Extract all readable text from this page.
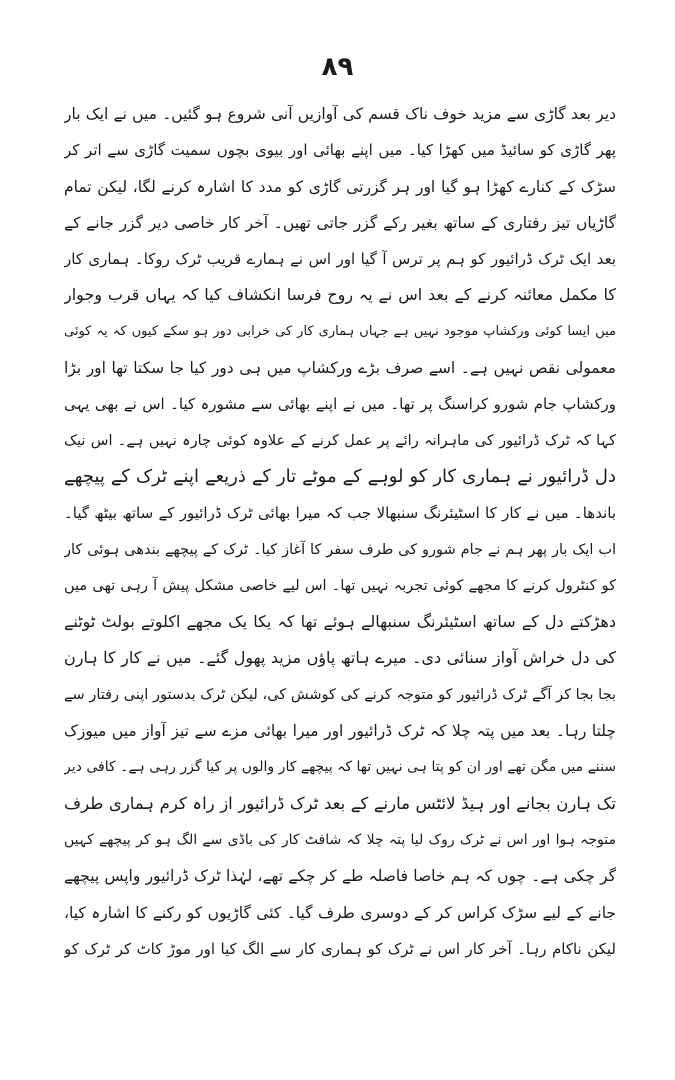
۸۹
دیر بعد گاڑی سے مزید خوف ناک قسم کی آوازیں آنی شروع ہو گئیں۔ میں نے ایک بار
پھر گاڑی کو سائیڈ میں کھڑا کیا۔ میں اپنے بھائی اور بیوی بچوں سمیت گاڑی سے اتر کر
سڑک کے کنارے کھڑا ہو گیا اور ہر گزرتی گاڑی کو مدد کا اشارہ کرنے لگا، لیکن تمام
گاڑیاں تیز رفتاری کے ساتھ بغیر رکے گزر جاتی تھیں۔ آخر کار خاصی دیر گزر جانے کے
بعد ایک ٹرک ڈرائیور کو ہم پر ترس آ گیا اور اس نے ہمارے قریب ٹرک روکا۔ ہماری کار
کا مکمل معائنہ کرنے کے بعد اس نے یہ روح فرسا انکشاف کیا کہ یہاں قرب وجوار
میں ایسا کوئی ورکشاپ موجود نہیں ہے جہاں ہماری کار کی خرابی دور ہو سکے کیوں کہ یہ کوئی
معمولی نقص نہیں ہے۔ اسے صرف بڑے ورکشاپ میں ہی دور کیا جا سکتا تھا اور بڑا
ورکشاپ جام شورو کراسنگ پر تھا۔ میں نے اپنے بھائی سے مشورہ کیا۔ اس نے بھی یہی
کہا کہ ٹرک ڈرائیور کی ماہرانہ رائے پر عمل کرنے کے علاوہ کوئی چارہ نہیں ہے۔ اس نیک
دل ڈرائیور نے ہماری کار کو لوہے کے موٹے تار کے ذریعے اپنے ٹرک کے پیچھے
باندھا۔ میں نے کار کا اسٹیئرنگ سنبھالا جب کہ میرا بھائی ٹرک ڈرائیور کے ساتھ بیٹھ گیا۔
اب ایک بار پھر ہم نے جام شورو کی طرف سفر کا آغاز کیا۔ ٹرک کے پیچھے بندھی ہوئی کار
کو کنٹرول کرنے کا مجھے کوئی تجربہ نہیں تھا۔ اس لیے خاصی مشکل پیش آ رہی تھی میں
دھڑکتے دل کے ساتھ اسٹیئرنگ سنبھالے ہوئے تھا کہ یکا یک مجھے اکلوتے بولٹ ٹوٹنے
کی دل خراش آواز سنائی دی۔ میرے ہاتھ پاؤں مزید پھول گئے۔ میں نے کار کا ہارن
بجا بجا کر آگے ٹرک ڈرائیور کو متوجہ کرنے کی کوشش کی، لیکن ٹرک بدستور اپنی رفتار سے
چلتا رہا۔ بعد میں پتہ چلا کہ ٹرک ڈرائیور اور میرا بھائی مزے سے تیز آواز میں میوزک
سننے میں مگن تھے اور ان کو پتا ہی نہیں تھا کہ پیچھے کار والوں پر کیا گزر رہی ہے۔ کافی دیر
تک ہارن بجانے اور ہیڈ لائٹس مارنے کے بعد ٹرک ڈرائیور از راہ کرم ہماری طرف
متوجہ ہوا اور اس نے ٹرک روک لیا پتہ چلا کہ شافٹ کار کی باڈی سے الگ ہو کر پیچھے کہیں
گر چکی ہے۔ چوں کہ ہم خاصا فاصلہ طے کر چکے تھے، لہٰذا ٹرک ڈرائیور واپس پیچھے
جانے کے لیے سڑک کراس کر کے دوسری طرف گیا۔ کئی گاڑیوں کو رکنے کا اشارہ کیا،
لیکن ناکام رہا۔ آخر کار اس نے ٹرک کو ہماری کار سے الگ کیا اور موڑ کاٹ کر ٹرک کو
